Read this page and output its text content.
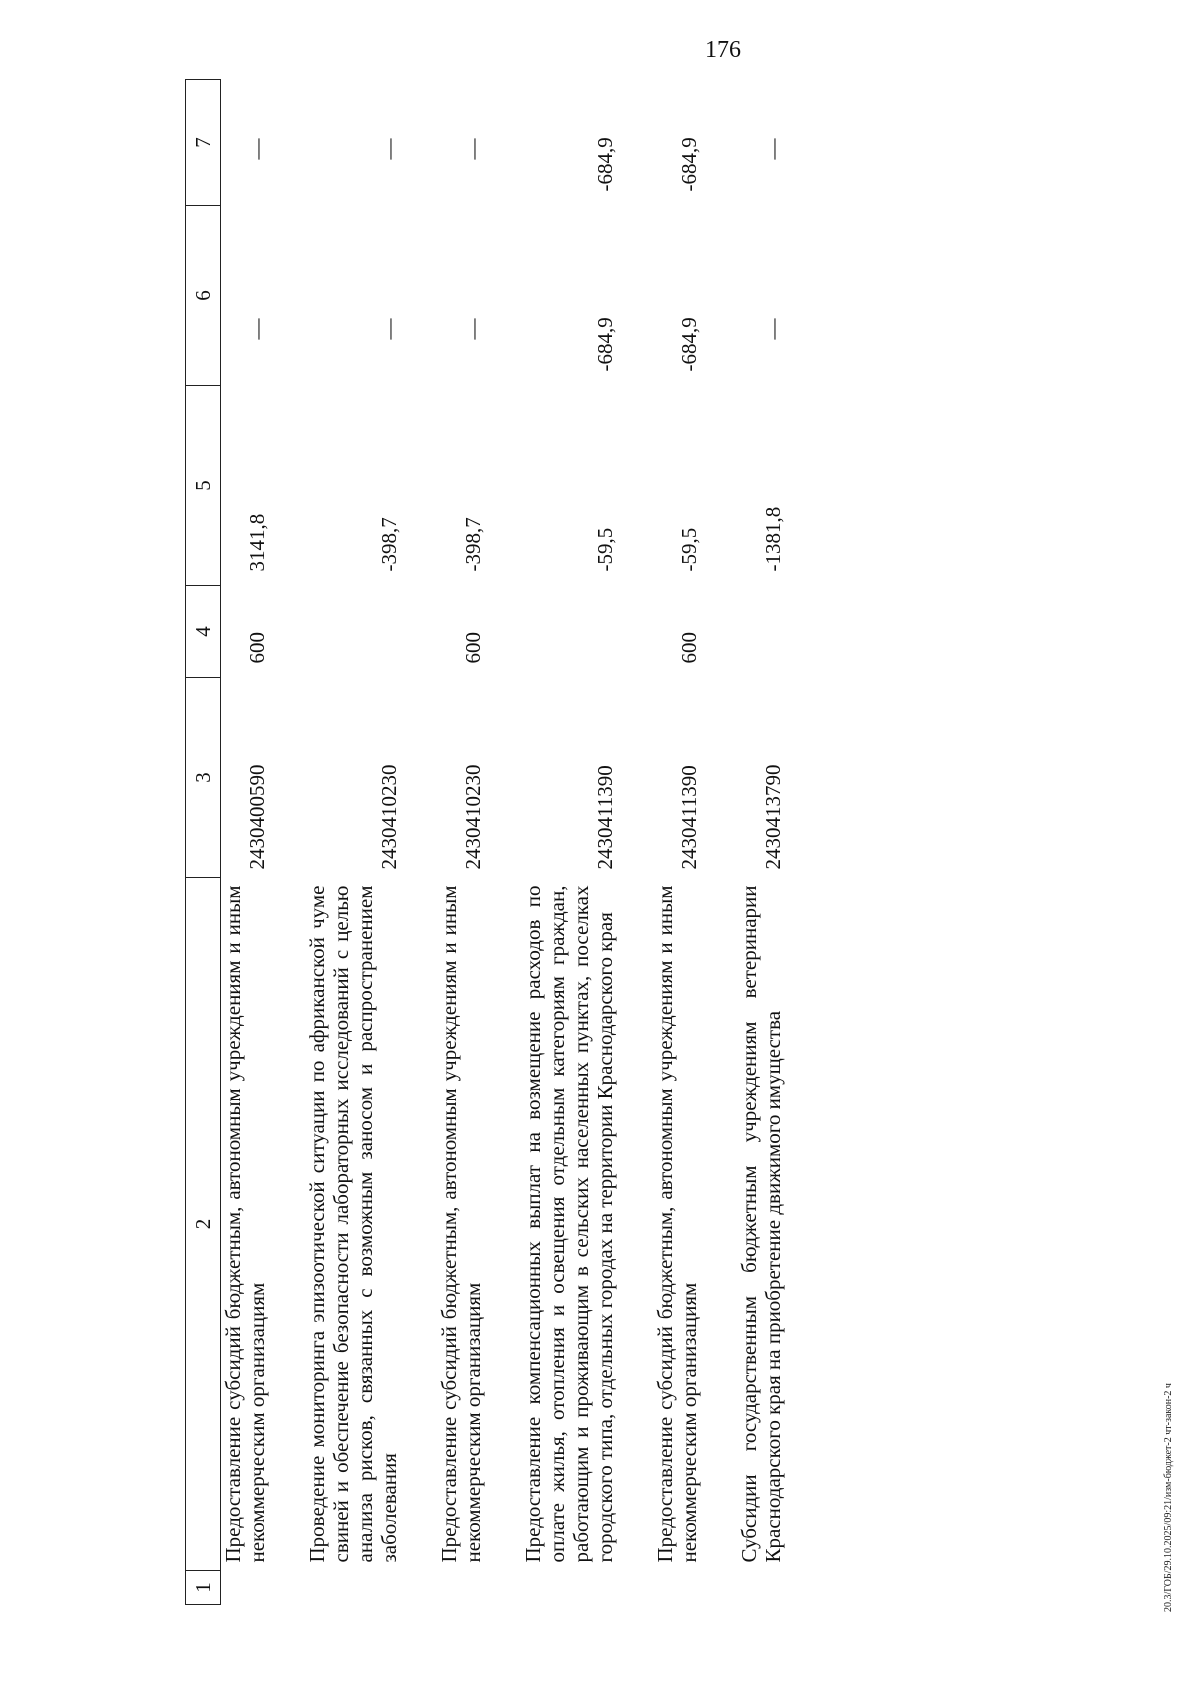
176
1	2	3	4	5	6	7
	Предоставление субсидий бюджетным, автономным учреждениям и иным некоммерческим организациям	2430400590	600	3141,8	—	—
	Проведение мониторинга эпизоотической ситуации по африканской чуме свиней и обеспечение безопасности лабораторных исследований с целью анализа рисков, связанных с возможным заносом и распространением заболевания	2430410230		-398,7	—	—
	Предоставление субсидий бюджетным, автономным учреждениям и иным некоммерческим организациям	2430410230	600	-398,7	—	—
	Предоставление компенсационных выплат на возмещение расходов по оплате жилья, отопления и освещения отдельным категориям граждан, работающим и проживающим в сельских населенных пунктах, поселках городского типа, отдельных городах на территории Краснодарского края	2430411390		-59,5	-684,9	-684,9
	Предоставление субсидий бюджетным, автономным учреждениям и иным некоммерческим организациям	2430411390	600	-59,5	-684,9	-684,9
	Субсидии государственным бюджетным учреждениям ветеринарии Краснодарского края на приобретение движимого имущества	2430413790		-1381,8	—	—
20.3/ГОБ/29.10.2025/09:21/изм-бюджет-2 чт-закон-2 ч
